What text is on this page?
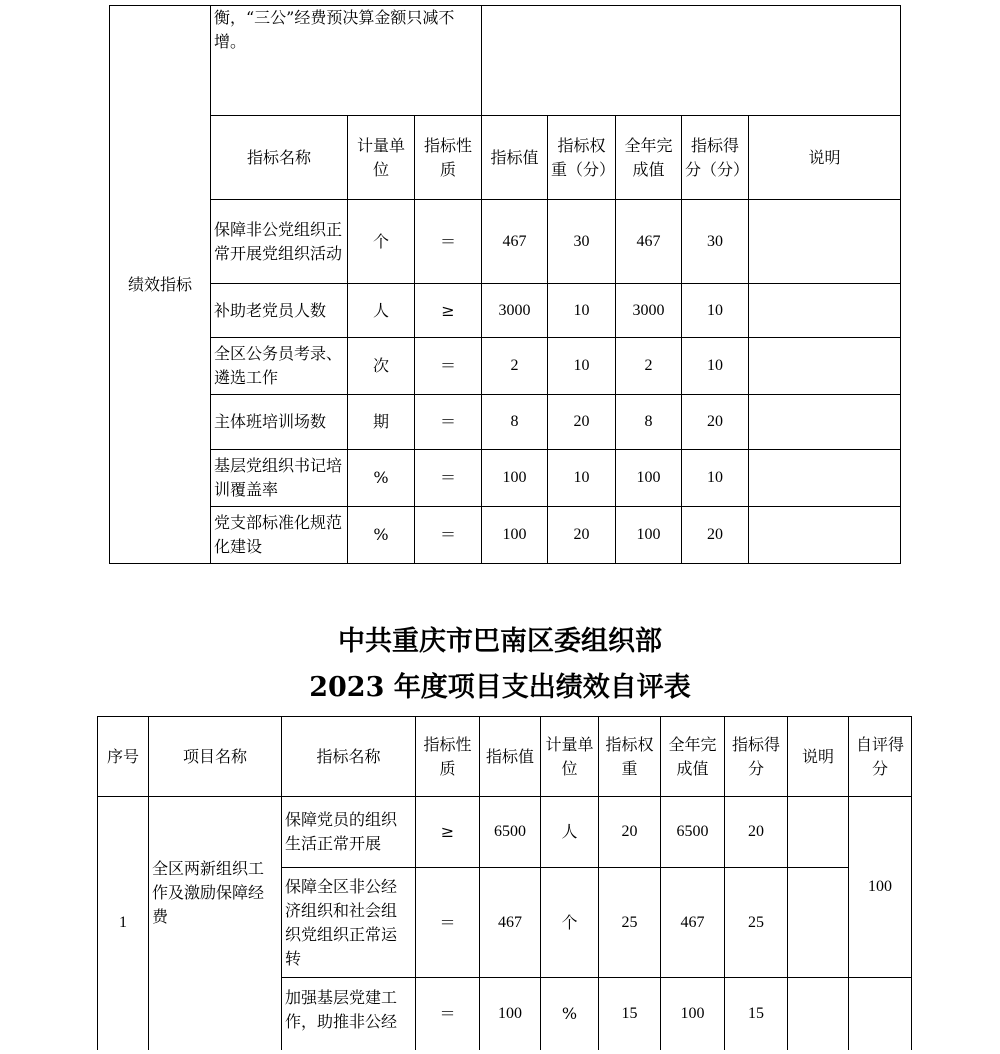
绩效指标	衡，“三公”经费预决算金额只减不增。							
	指标名称	计量单位	指标性质	指标值	指标权重（分）	全年完成值	指标得分（分）	说明
	保障非公党组织正常开展党组织活动	个	＝	467	30	467	30	
	补助老党员人数	人	≥	3000	10	3000	10	
	全区公务员考录、遴选工作	次	＝	2	10	2	10	
	主体班培训场数	期	＝	8	20	8	20	
	基层党组织书记培训覆盖率	%	＝	100	10	100	10	
	党支部标准化规范化建设	%	＝	100	20	100	20	
中共重庆市巴南区委组织部
2023 年度项目支出绩效自评表
序号	项目名称	指标名称	指标性质	指标值	计量单位	指标权重	全年完成值	指标得分	说明	自评得分
1	全区两新组织工作及激励保障经费	保障党员的组织生活正常开展	≥	6500	人	20	6500	20		100
		保障全区非公经济组织和社会组织党组织正常运转	＝	467	个	25	467	25		
		加强基层党建工作，助推非公经	＝	100	%	15	100	15		
